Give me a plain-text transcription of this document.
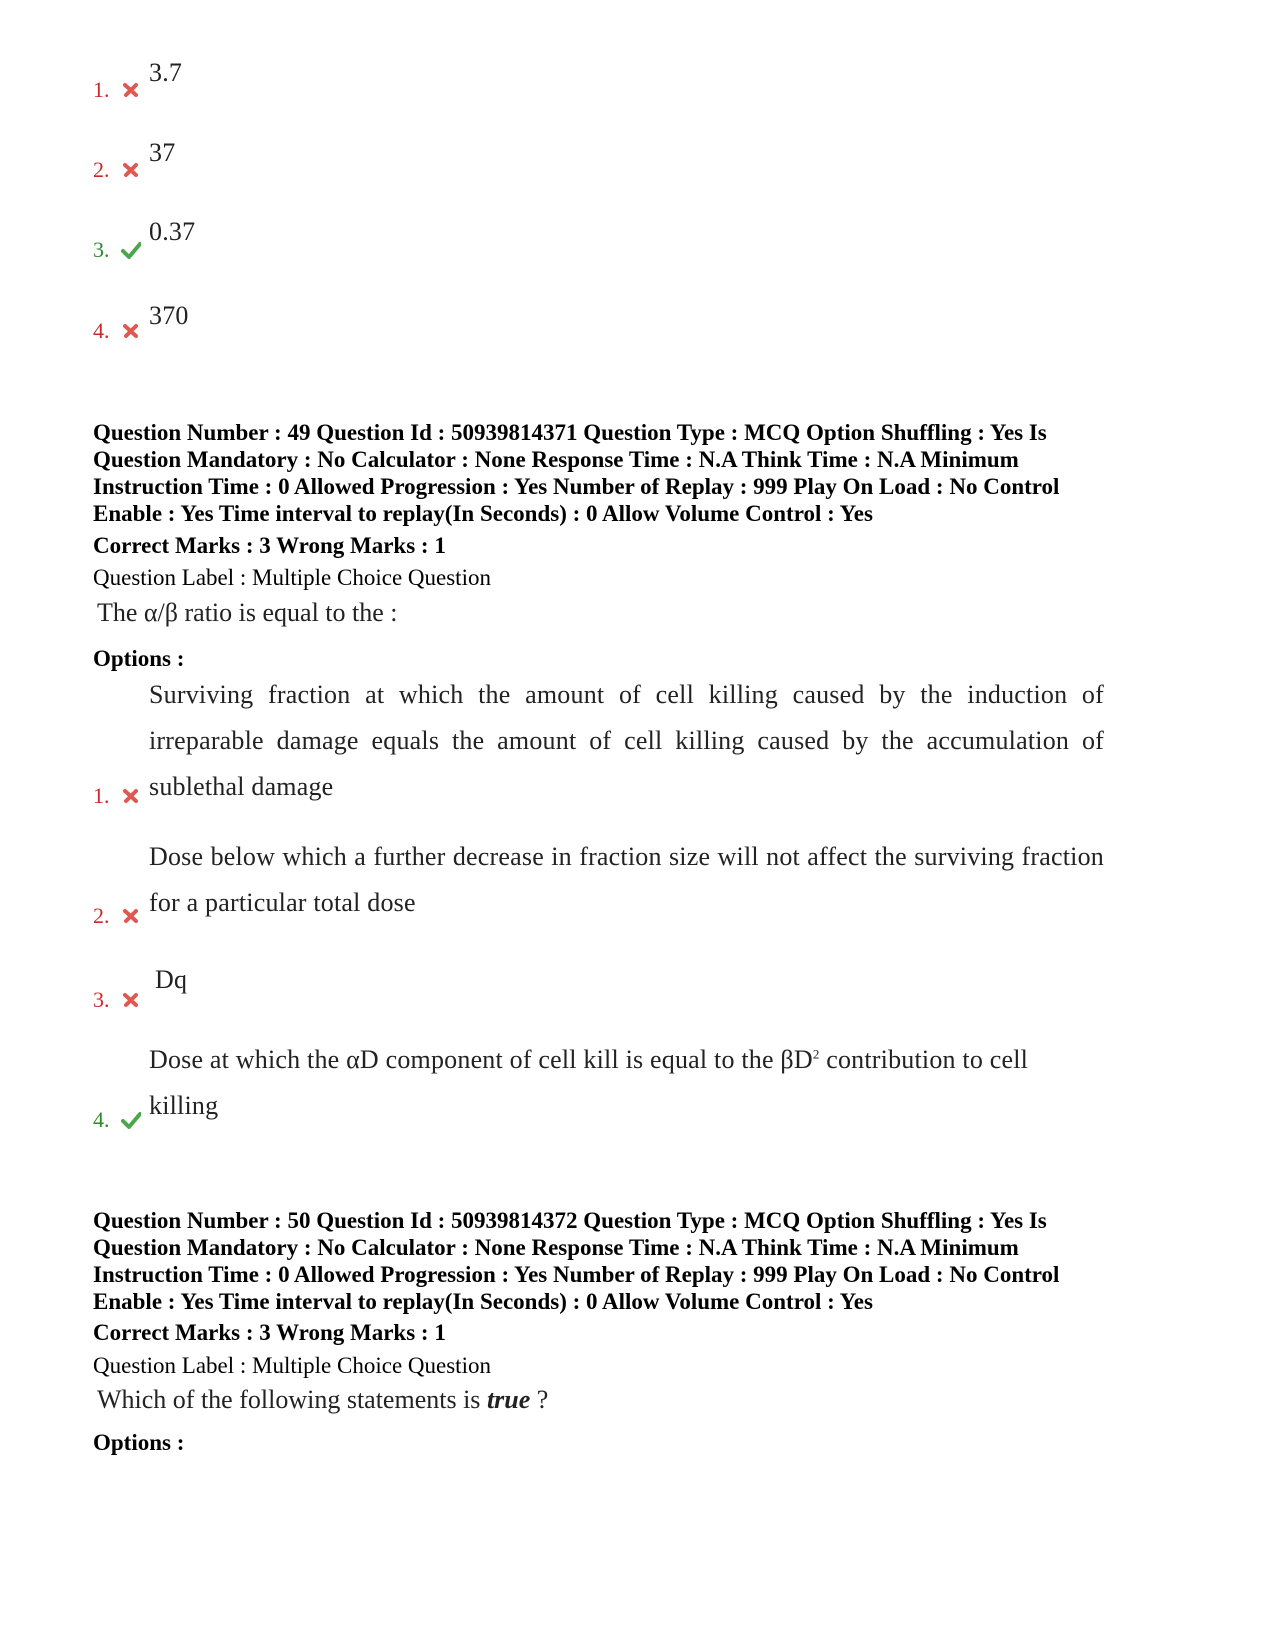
1.
3.7
2.
37
3.
0.37
4.
370
Question Number : 49 Question Id : 50939814371 Question Type : MCQ Option Shuffling : Yes Is Question Mandatory : No Calculator : None Response Time : N.A Think Time : N.A Minimum Instruction Time : 0 Allowed Progression : Yes Number of Replay : 999 Play On Load : No Control Enable : Yes Time interval to replay(In Seconds) : 0 Allow Volume Control : Yes
Correct Marks : 3 Wrong Marks : 1
Question Label : Multiple Choice Question
The α/β ratio is equal to the :
Options :
1.
Surviving fraction at which the amount of cell killing caused by the induction of irreparable damage equals the amount of cell killing caused by the accumulation of sublethal damage
2.
Dose below which a further decrease in fraction size will not affect the surviving fraction for a particular total dose
3.
Dq
4.
Dose at which the αD component of cell kill is equal to the $\beta D^2$ contribution to cell killing
Question Number : 50 Question Id : 50939814372 Question Type : MCQ Option Shuffling : Yes Is Question Mandatory : No Calculator : None Response Time : N.A Think Time : N.A Minimum Instruction Time : 0 Allowed Progression : Yes Number of Replay : 999 Play On Load : No Control Enable : Yes Time interval to replay(In Seconds) : 0 Allow Volume Control : Yes
Correct Marks : 3 Wrong Marks : 1
Question Label : Multiple Choice Question
Which of the following statements is true ?
Options :
